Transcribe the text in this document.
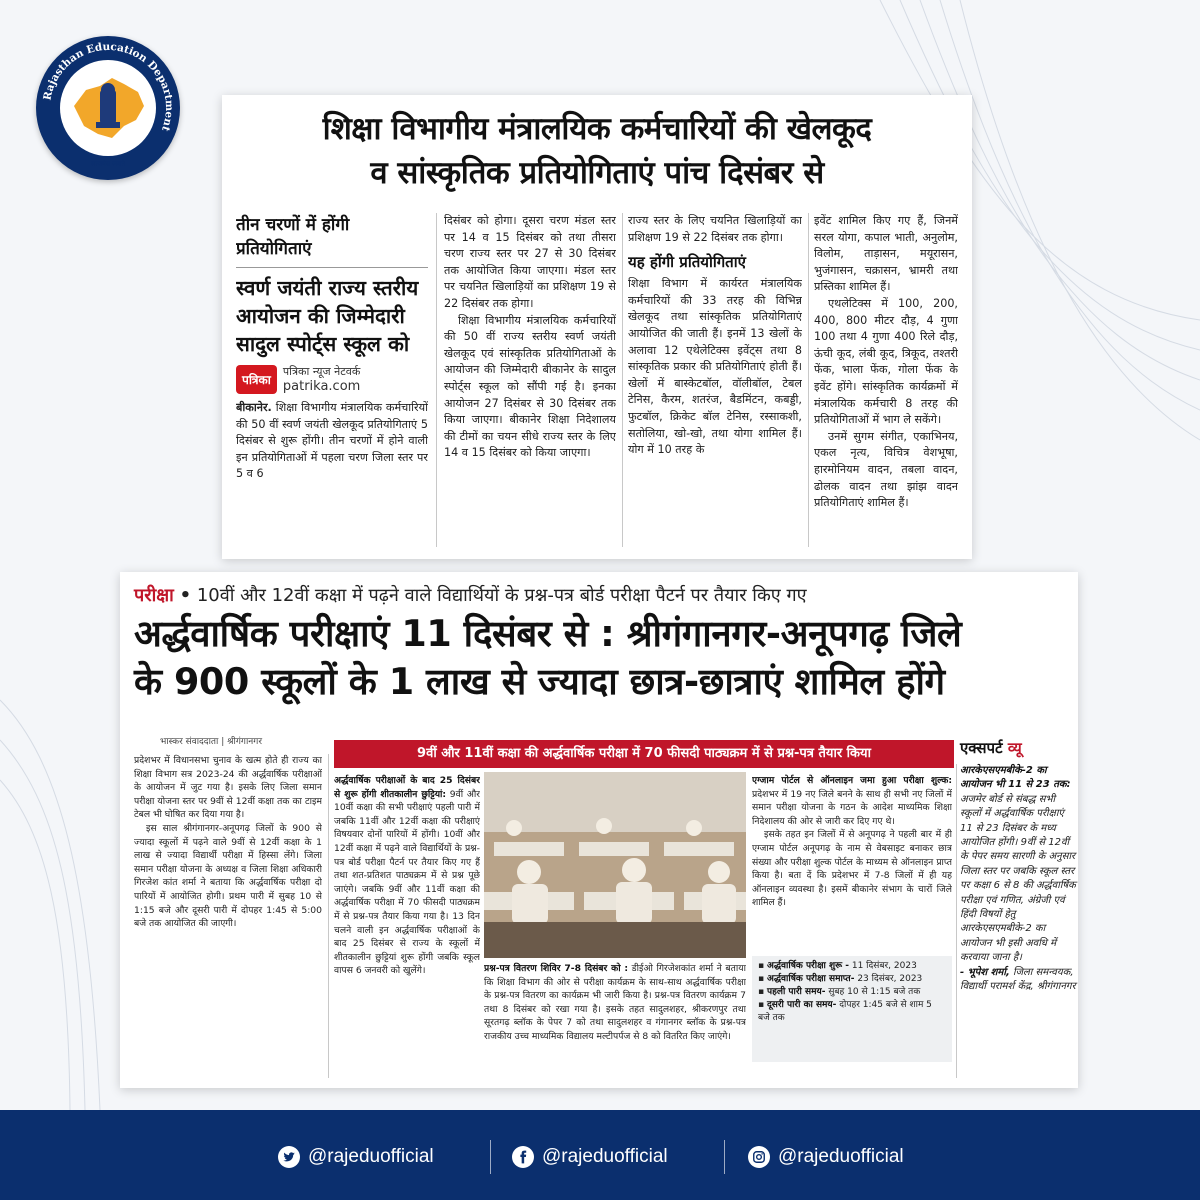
Rajasthan Education Department
सत्यमेव जयते
शिक्षा विभागीय मंत्रालयिक कर्मचारियों की खेलकूद
व सांस्कृतिक प्रतियोगिताएं पांच दिसंबर से
तीन चरणों में होंगी प्रतियोगिताएं
स्वर्ण जयंती राज्य स्तरीय आयोजन की जिम्मेदारी सादुल स्पोर्ट्स स्कूल को
पत्रिका
पत्रिका न्यूज नेटवर्क
patrika.com

बीकानेर. शिक्षा विभागीय मंत्रालयिक कर्मचारियों की 50 वीं स्वर्ण जयंती खेलकूद प्रतियोगिताएं 5 दिसंबर से शुरू होंगी। तीन चरणों में होने वाली इन प्रतियोगिताओं में पहला चरण जिला स्तर पर 5 व 6

दिसंबर को होगा। दूसरा चरण मंडल स्तर पर 14 व 15 दिसंबर को तथा तीसरा चरण राज्य स्तर पर 27 से 30 दिसंबर तक आयोजित किया जाएगा। मंडल स्तर पर चयनित खिलाड़ियों का प्रशिक्षण 19 से 22 दिसंबर तक होगा।

शिक्षा विभागीय मंत्रालयिक कर्मचारियों की 50 वीं राज्य स्तरीय स्वर्ण जयंती खेलकूद एवं सांस्कृतिक प्रतियोगिताओं के आयोजन की जिम्मेदारी बीकानेर के सादुल स्पोर्ट्स स्कूल को सौंपी गई है। इनका आयोजन 27 दिसंबर से 30 दिसंबर तक किया जाएगा। बीकानेर शिक्षा निदेशालय की टीमों का चयन सीधे राज्य स्तर के लिए 14 व 15 दिसंबर को किया जाएगा।

राज्य स्तर के लिए चयनित खिलाड़ियों का प्रशिक्षण 19 से 22 दिसंबर तक होगा।

यह होंगी प्रतियोगिताएं

शिक्षा विभाग में कार्यरत मंत्रालयिक कर्मचारियों की 33 तरह की विभिन्न खेलकूद तथा सांस्कृतिक प्रतियोगिताएं आयोजित की जाती हैं। इनमें 13 खेलों के अलावा 12 एथेलेटिक्स इवेंट्स तथा 8 सांस्कृतिक प्रकार की प्रतियोगिताएं होती हैं। खेलों में बास्केटबॉल, वॉलीबॉल, टेबल टेनिस, कैरम, शतरंज, बैडमिंटन, कबड्डी, फुटबॉल, क्रिकेट बॉल टेनिस, रस्साकशी, सतोलिया, खो-खो, तथा योगा शामिल हैं। योग में 10 तरह के

इवेंट शामिल किए गए हैं, जिनमें सरल योगा, कपाल भाती, अनुलोम, विलोम, ताड़ासन, मयूरासन, भुजंगासन, चक्रासन, भ्रामरी तथा प्रस्तिका शामिल हैं।

एथलेटिक्स में 100, 200, 400, 800 मीटर दौड़, 4 गुणा 100 तथा 4 गुणा 400 रिले दौड़, ऊंची कूद, लंबी कूद, त्रिकूद, तश्तरी फेंक, भाला फेंक, गोला फेंक के इवेंट होंगे। सांस्कृतिक कार्यक्रमों में मंत्रालयिक कर्मचारी 8 तरह की प्रतियोगिताओं में भाग ले सकेंगे।

उनमें सुगम संगीत, एकाभिनय, एकल नृत्य, विचित्र वेशभूषा, हारमोनियम वादन, तबला वादन, ढोलक वादन तथा झांझ वादन प्रतियोगिताएं शामिल हैं।

परीक्षा • 10वीं और 12वीं कक्षा में पढ़ने वाले विद्यार्थियों के प्रश्न-पत्र बोर्ड परीक्षा पैटर्न पर तैयार किए गए
अर्द्धवार्षिक परीक्षाएं 11 दिसंबर से : श्रीगंगानगर-अनूपगढ़ जिले
के 900 स्कूलों के 1 लाख से ज्यादा छात्र-छात्राएं शामिल होंगे
भास्कर संवाददाता | श्रीगंगानगर
9वीं और 11वीं कक्षा की अर्द्धवार्षिक परीक्षा में 70 फीसदी पाठ्यक्रम में से प्रश्न-पत्र तैयार किया	एक्सपर्ट व्यू

प्रदेशभर में विधानसभा चुनाव के खत्म होते ही राज्य का शिक्षा विभाग सत्र 2023-24 की अर्द्धवार्षिक परीक्षाओं के आयोजन में जुट गया है। इसके लिए जिला समान परीक्षा योजना स्तर पर 9वीं से 12वीं कक्षा तक का टाइम टेबल भी घोषित कर दिया गया है।

इस साल श्रीगंगानगर-अनूपगढ़ जिलों के 900 से ज्यादा स्कूलों में पढ़ने वाले 9वीं से 12वीं कक्षा के 1 लाख से ज्यादा विद्यार्थी परीक्षा में हिस्सा लेंगे। जिला समान परीक्षा योजना के अध्यक्ष व जिला शिक्षा अधिकारी गिरजेश कांत शर्मा ने बताया कि अर्द्धवार्षिक परीक्षा दो पारियों में आयोजित होगी। प्रथम पारी में सुबह 10 से 1:15 बजे और दूसरी पारी में दोपहर 1:45 से 5:00 बजे तक आयोजित की जाएगी।

अर्द्धवार्षिक परीक्षाओं के बाद 25 दिसंबर से शुरू होंगी शीतकालीन छुट्टियां: 9वीं और 10वीं कक्षा की सभी परीक्षाएं पहली पारी में जबकि 11वीं और 12वीं कक्षा की परीक्षाएं विषयवार दोनों पारियों में होंगी। 10वीं और 12वीं कक्षा में पढ़ने वाले विद्यार्थियों के प्रश्न-पत्र बोर्ड परीक्षा पैटर्न पर तैयार किए गए हैं तथा शत-प्रतिशत पाठ्यक्रम में से प्रश्न पूछे जाएंगे। जबकि 9वीं और 11वीं कक्षा की अर्द्धवार्षिक परीक्षा में 70 फीसदी पाठ्यक्रम में से प्रश्न-पत्र तैयार किया गया है। 13 दिन चलने वाली इन अर्द्धवार्षिक परीक्षाओं के बाद 25 दिसंबर से राज्य के स्कूलों में शीतकालीन छुट्टियां शुरू होंगी जबकि स्कूल वापस 6 जनवरी को खुलेंगे।	प्रश्न-पत्र वितरण शिविर 7-8 दिसंबर को : डीईओ गिरजेशकांत शर्मा ने बताया कि शिक्षा विभाग की ओर से परीक्षा कार्यक्रम के साथ-साथ अर्द्धवार्षिक परीक्षा के प्रश्न-पत्र वितरण का कार्यक्रम भी जारी किया है। प्रश्न-पत्र वितरण कार्यक्रम 7 तथा 8 दिसंबर को रखा गया है। इसके तहत सादुलशहर, श्रीकरणपुर तथा सूरतगढ़ ब्लॉक के पेपर 7 को तथा सादुलशहर व गंगानगर ब्लॉक के प्रश्न-पत्र राजकीय उच्च माध्यमिक विद्यालय मल्टीपर्पज से 8 को वितरित किए जाएंगे।

एग्जाम पोर्टल से ऑनलाइन जमा हुआ परीक्षा शुल्क: प्रदेशभर में 19 नए जिले बनने के साथ ही सभी नए जिलों में समान परीक्षा योजना के गठन के आदेश माध्यमिक शिक्षा निदेशालय की ओर से जारी कर दिए गए थे।

इसके तहत इन जिलों में से अनूपगढ़ ने पहली बार में ही एग्जाम पोर्टल अनूपगढ़ के नाम से वेबसाइट बनाकर छात्र संख्या और परीक्षा शुल्क पोर्टल के माध्यम से ऑनलाइन प्राप्त किया है। बता दें कि प्रदेशभर में 7-8 जिलों में ही यह ऑनलाइन व्यवस्था है। इसमें बीकानेर संभाग के चारों जिले शामिल हैं।

▪ अर्द्धवार्षिक परीक्षा शुरू - 11 दिसंबर, 2023
▪ अर्द्धवार्षिक परीक्षा समाप्त- 23 दिसंबर, 2023
▪ पहली पारी समय- सुबह 10 से 1:15 बजे तक
▪ दूसरी पारी का समय- दोपहर 1:45 बजे से शाम 5 बजे तक

आरकेएसएमबीके-2 का आयोजन भी 11 से 23 तक: अजमेर बोर्ड से संबद्ध सभी स्कूलों में अर्द्धवार्षिक परीक्षाएं 11 से 23 दिसंबर के मध्य आयोजित होंगी। 9वीं से 12वीं के पेपर समय सारणी के अनुसार जिला स्तर पर जबकि स्कूल स्तर पर कक्षा 6 से 8 की अर्द्धवार्षिक परीक्षा एवं गणित, अंग्रेजी एवं हिंदी विषयों हेतु आरकेएसएमबीके-2 का आयोजन भी इसी अवधि में करवाया जाना है।

- भूपेश शर्मा, जिला समन्वयक, विद्यार्थी परामर्श केंद्र, श्रीगंगानगर

@rajeduofficial	@rajeduofficial	@rajeduofficial
